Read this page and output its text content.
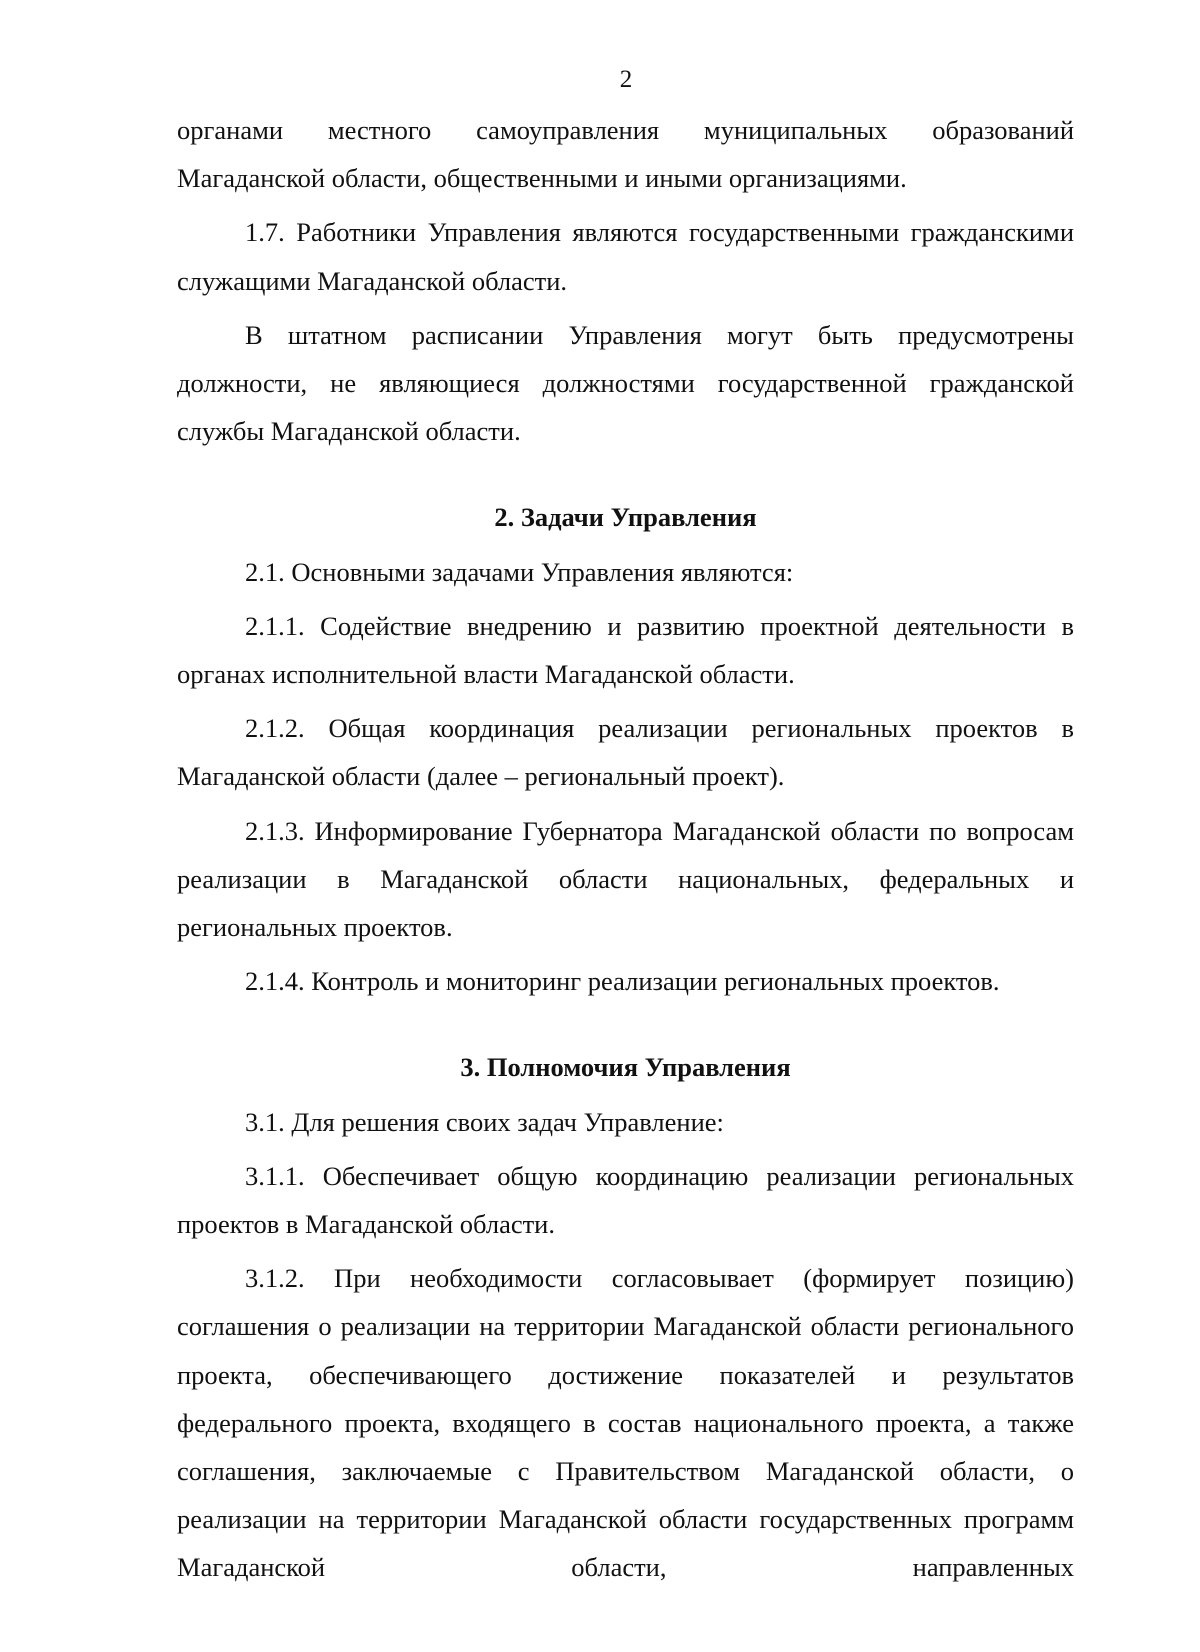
2

органами местного самоуправления муниципальных образований Магаданской области, общественными и иными организациями.

1.7. Работники Управления являются государственными гражданскими служащими Магаданской области.

В штатном расписании Управления могут быть предусмотрены должности, не являющиеся должностями государственной гражданской службы Магаданской области.

2. Задачи Управления

2.1. Основными задачами Управления являются:

2.1.1. Содействие внедрению и развитию проектной деятельности в органах исполнительной власти Магаданской области.

2.1.2. Общая координация реализации региональных проектов в Магаданской области (далее – региональный проект).

2.1.3. Информирование Губернатора Магаданской области по вопросам реализации в Магаданской области национальных, федеральных и региональных проектов.

2.1.4. Контроль и мониторинг реализации региональных проектов.

3. Полномочия Управления

3.1. Для решения своих задач Управление:

3.1.1. Обеспечивает общую координацию реализации региональных проектов в Магаданской области.

3.1.2. При необходимости согласовывает (формирует позицию) соглашения о реализации на территории Магаданской области регионального проекта, обеспечивающего достижение показателей и результатов федерального проекта, входящего в состав национального проекта, а также соглашения, заключаемые с Правительством Магаданской области, о реализации на территории Магаданской области государственных программ Магаданской области, направленных
